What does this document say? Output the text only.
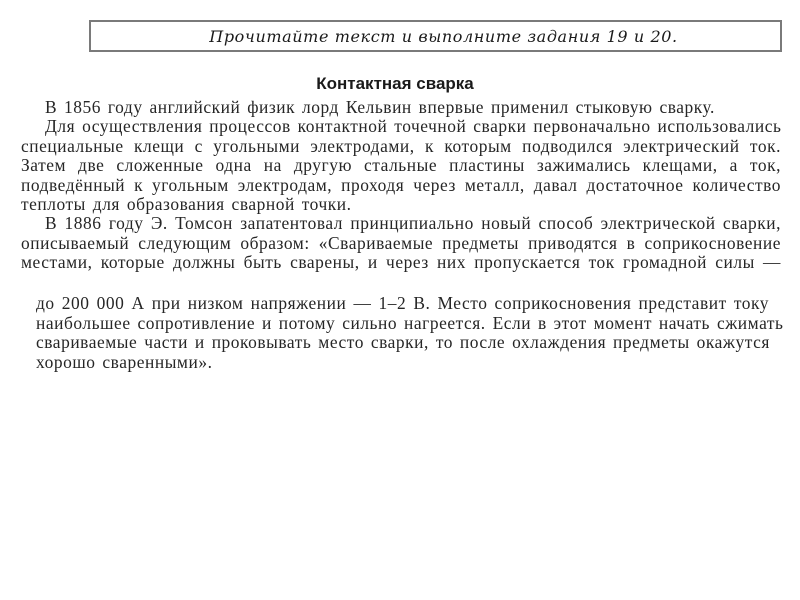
Прочитайте текст и выполните задания 19 и 20.
Контактная сварка
В 1856 году английский физик лорд Кельвин впервые применил стыковую сварку.
Для осуществления процессов контактной точечной сварки первоначально использовались
специальные клещи с угольными электродами, к которым подводился электрический ток.
Затем две сложенные одна на другую стальные пластины зажимались клещами, а ток,
подведённый к угольным электродам, проходя через металл, давал достаточное количество
теплоты для образования сварной точки.
В 1886 году Э. Томсон запатентовал принципиально новый способ электрической сварки,
описываемый следующим образом: «Свариваемые предметы приводятся в соприкосновение
местами, которые должны быть сварены, и через них пропускается ток громадной силы —
до 200 000 А при низком напряжении — 1–2 В. Место соприкосновения представит току
наибольшее сопротивление и потому сильно нагреется. Если в этот момент начать сжимать
свариваемые части и проковывать место сварки, то после охлаждения предметы окажутся
хорошо сваренными».
